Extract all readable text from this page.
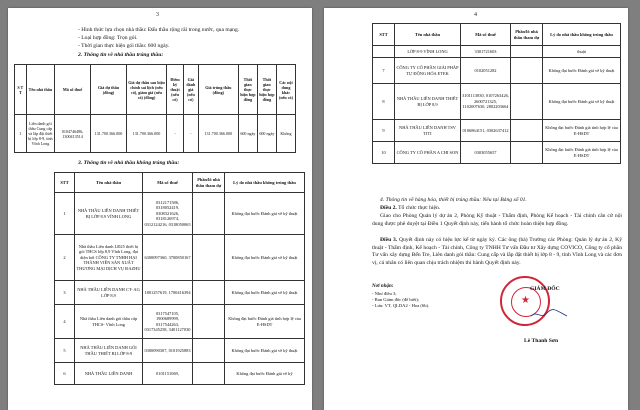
3
- Hình thức lựa chọn nhà thầu: Đấu thầu rộng rãi trong nước, qua mạng.
- Loại hợp đồng: Trọn gói.
- Thời gian thực hiện gói thầu: 600 ngày.
2. Thông tin về nhà thầu trúng thầu:
S T T	Tên nhà thầu	Mã số thuế	Giá dự thầu (đồng)	Giá dự thầu sau hiệu chỉnh sai lệch (nếu có), giảm giá (nếu có) (đồng)	Điểm kỹ thuật (nếu có)	Giá đánh giá (nếu có)	Giá trúng thầu (đồng)	Thời gian thực hiện hợp đồng	Thời gian thực hiện hợp đồng	Các nội dung khác (nếu có)
1	Liên danh gói thầu Cung cấp và lắp đặt thiết bị lớp 8-9, tỉnh Vĩnh Long	0104746486, 1300413514	131.700.366.000	131.700.366.000	-	-	131.700.366.000	600 ngày	600 ngày	Không
3. Thông tin về nhà thầu không trúng thầu:
STT	Tên nhà thầu	Mã số thuế	Phần/lô nhà thầu tham dự	Lý do nhà thầu không trúng thầu
1	NHÀ THẦU LIÊN DANH THIẾT BỊ LỚP 8,9 VĨNH LONG	0312171586, 0318052419, 0308321626, 0318126974, 0312124216, 0318050065		Không đạt bước Đánh giá về kỹ thuật
2	Nhà thầu Liên danh LĐ25 thiết bị gói THCS lớp 8,9 Vĩnh Long, đại diện bởi CÔNG TY TNHH HẠI THÀNH VIÊN SẢN XUẤT THƯƠNG MẠI DỊCH VỤ ĐAZHU	6300097360, 3700850167		Không đạt bước Đánh giá về kỹ thuật
3	NHÀ THẦU LIÊN DANH CT- AG LỚP 8,9	1801257619, 1700416394		Không đạt bước Đánh giá về kỹ thuật
4	Nhà thầu Liên danh gói thầu cấp THCS- Vĩnh Long	0317547105, 1900689999, 0317544263, 0317345258, 3401127030		Không đạt bước Đánh giá tính hợp lệ của E-HSDT
5	NHÀ THẦU LIÊN DANH GÓI THẦU THIẾT BỊ LỚP 8-9	0300090307, 0101925883		Không đạt bước Đánh giá về kỹ thuật
6	NHÀ THẦU LIÊN DANH	0101151069,		Không đạt bước Đánh giá về kỹ
4
STT	Tên nhà thầu	Mã số thuế	Phần/lô nhà thầu tham dự	Lý do nhà thầu không trúng thầu
	LỚP 8-9 VĨNH LONG	3301721603		thuật
7	CÔNG TY CỔ PHẦN GIẢI PHÁP TỰ ĐỘNG HÓA ETEK	0102051282		Không đạt bước Đánh giá về kỹ thuật
8	NHÀ THẦU LIÊN DANH THIẾT BỊ LỚP 8,9	3101113830, 0107263426, 2600721325, 1102007630, 2802203664		Không đạt bước Đánh giá về kỹ thuật
9	NHÀ THẦU LIÊN DANH TSV TITI	0106864151, 0302637412		Không đạt bước Đánh giá tính hợp lệ của E-HSDT
10	CÔNG TY CỔ PHẦN A CHI SON	0303055657		Không đạt bước Đánh giá tính hợp lệ của E-HSDT
4. Thông tin về hàng hóa, thiết bị trúng thầu: Nêu tại Bảng số 01.
Điều 2. Tổ chức thực hiện.
Giao cho Phòng Quản lý dự án 2, Phòng Kỹ thuật - Thẩm định, Phòng Kế hoạch - Tài chính căn cứ nội dung được phê duyệt tại Điều 1 Quyết định này, tiến hành tổ chức hoàn thiện hợp đồng.
Điều 3. Quyết định này có hiệu lực kể từ ngày ký. Các ông (bà) Trưởng các Phòng: Quản lý dự án 2, Kỹ thuật - Thẩm định, Kế hoạch - Tài chính, Công ty TNHH Tư vấn Đầu tư Xây dựng COVICO, Công ty cổ phần Tư vấn xây dựng Bến Tre, Liên danh gói thầu: Cung cấp và lắp đặt thiết bị lớp 8 - 9, tỉnh Vĩnh Long và các đơn vị, cá nhân có liên quan chịu trách nhiệm thi hành Quyết định này.
Nơi nhận:
- Như điều 3;
- Ban Giám đốc (để biết);
- Lưu: VT, QLDA2 - Hoa (6b).	★
GIÁM ĐỐC
Lê Thanh Sơn
